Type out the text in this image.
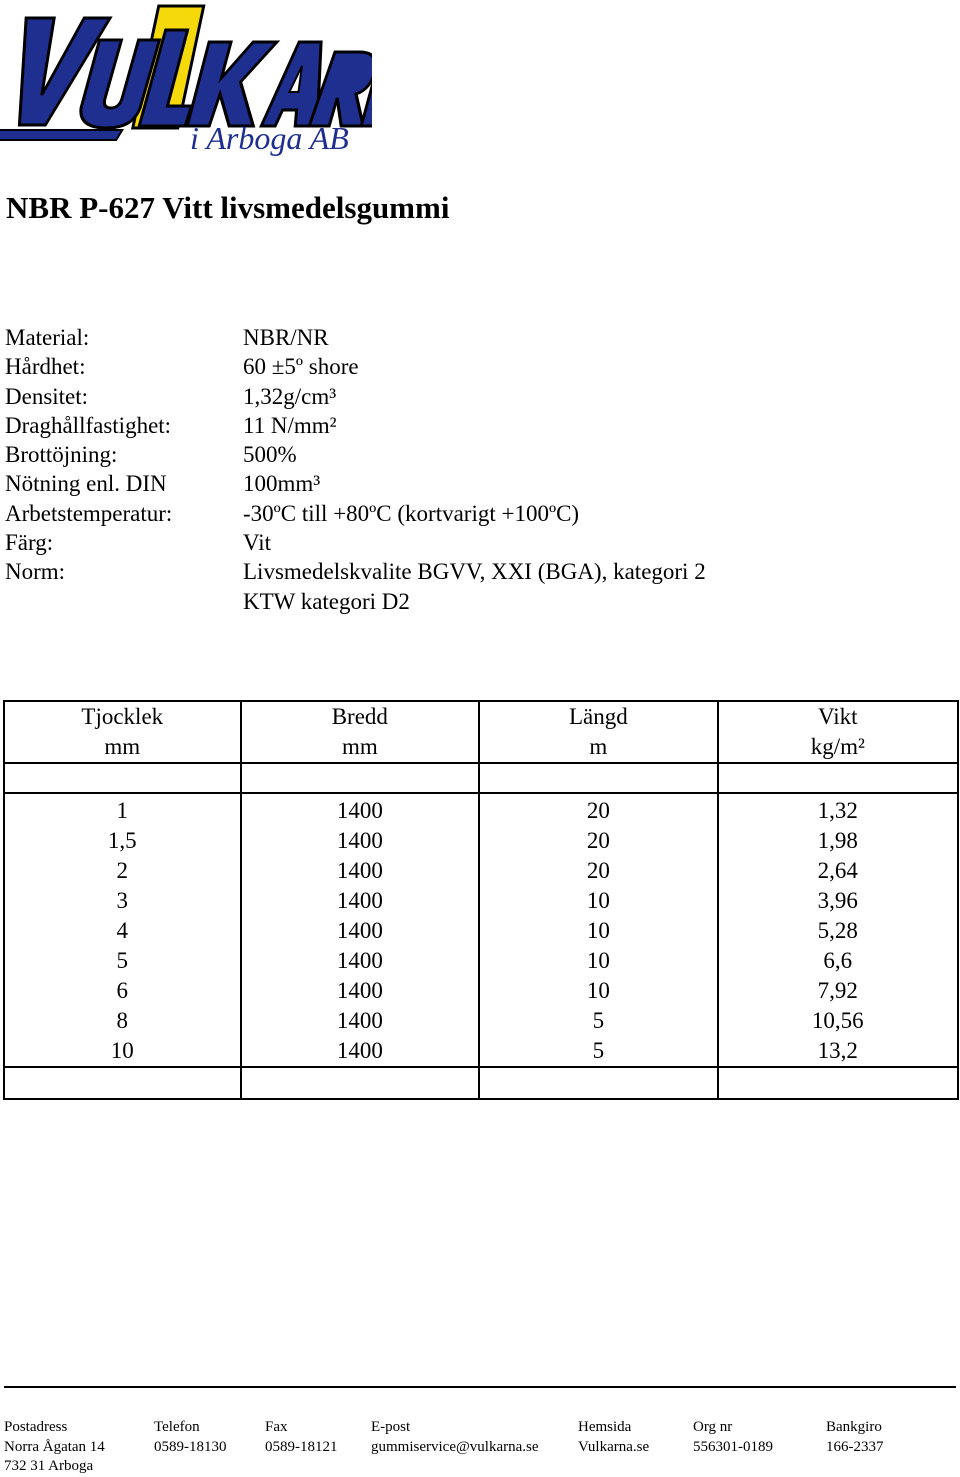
i Arboga AB
NBR P-627 Vitt livsmedelsgummi
Material:	NBR/NR
Hårdhet:	60 ±5º shore
Densitet:	1,32g/cm³
Draghållfastighet:	11 N/mm²
Brottöjning:	500%
Nötning enl. DIN	100mm³
Arbetstemperatur:	-30ºC till +80ºC (kortvarigt +100ºC)
Färg:	Vit
Norm:	Livsmedelskvalite BGVV, XXI (BGA), kategori 2
KTW kategori D2
Tjocklek	Bredd	Längd	Vikt
mm	mm	m	kg/m²

1	1400	20	1,32
1,5	1400	20	1,98
2	1400	20	2,64
3	1400	10	3,96
4	1400	10	5,28
5	1400	10	6,6
6	1400	10	7,92
8	1400	5	10,56
10	1400	5	13,2

Postadress
Norra Ågatan 14
732 31 Arboga
Telefon
0589-18130
Fax
0589-18121
E-post
gummiservice@vulkarna.se
Hemsida
Vulkarna.se
Org nr
556301-0189
Bankgiro
166-2337
